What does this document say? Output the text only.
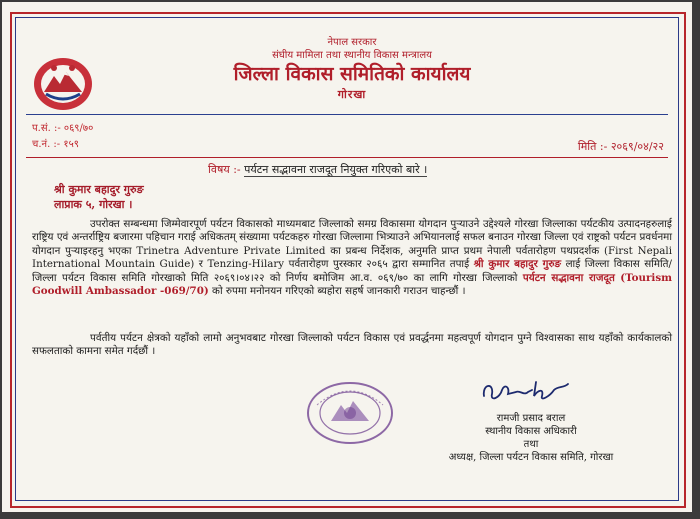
नेपाल सरकार
संघीय मामिला तथा स्थानीय विकास मन्त्रालय
जिल्ला विकास समितिको कार्यालय
गोरखा
प.सं. :- ०६९/७०
च.नं. :- १५९	मिति :- २०६९/०४/२२
विषय :- पर्यटन सद्भावना राजदूत नियुक्त गरिएको बारे ।
श्री कुमार बहादुर गुरुङ
लाप्राक ५, गोरखा ।
उपरोक्त सम्बन्धमा जिम्मेवारपूर्ण पर्यटन विकासको माध्यमबाट जिल्लाको समग्र विकासमा योगदान पुऱ्याउने उद्देश्यले गोरखा जिल्लाका पर्यटकीय उत्पादनहरुलाई राष्ट्रिय एवं अन्तर्राष्ट्रिय बजारमा पहिचान गराई अधिकतम् संख्यामा पर्यटकहरु गोरखा जिल्लामा भित्र्याउने अभियानलाई सफल बनाउन गोरखा जिल्ला एवं राष्ट्रको पर्यटन प्रवर्धनमा योगदान पुऱ्याइरहनु भएका Trinetra Adventure Private Limited का प्रबन्ध निर्देशक, अनुमति प्राप्त प्रथम नेपाली पर्वतारोहण पथप्रदर्शक (First Nepali International Mountain Guide) र Tenzing-Hilary पर्वतारोहण पुरस्कार २०६५ द्वारा सम्मानित तपाई श्री कुमार बहादुर गुरुङ लाई जिल्ला विकास समिति/जिल्ला पर्यटन विकास समिति गोरखाको मिति २०६९।०४।२२ को निर्णय बमोजिम आ.व. ०६९/७० का लागि गोरखा जिल्लाको पर्यटन सद्भावना राजदूत (Tourism Goodwill Ambassador -069/70) को रुपमा मनोनयन गरिएको ब्यहोरा सहर्ष जानकारी गराउन चाहन्छौं ।
पर्वतीय पर्यटन क्षेत्रको यहाँको लामो अनुभवबाट गोरखा जिल्लाको पर्यटन विकास एवं प्रवर्द्धनमा महत्वपूर्ण योगदान पुग्ने विश्वासका साथ यहाँको कार्यकालको सफलताको कामना समेत गर्दछौं ।
रामजी प्रसाद बराल
स्थानीय विकास अधिकारी
तथा
अध्यक्ष, जिल्ला पर्यटन विकास समिति, गोरखा
